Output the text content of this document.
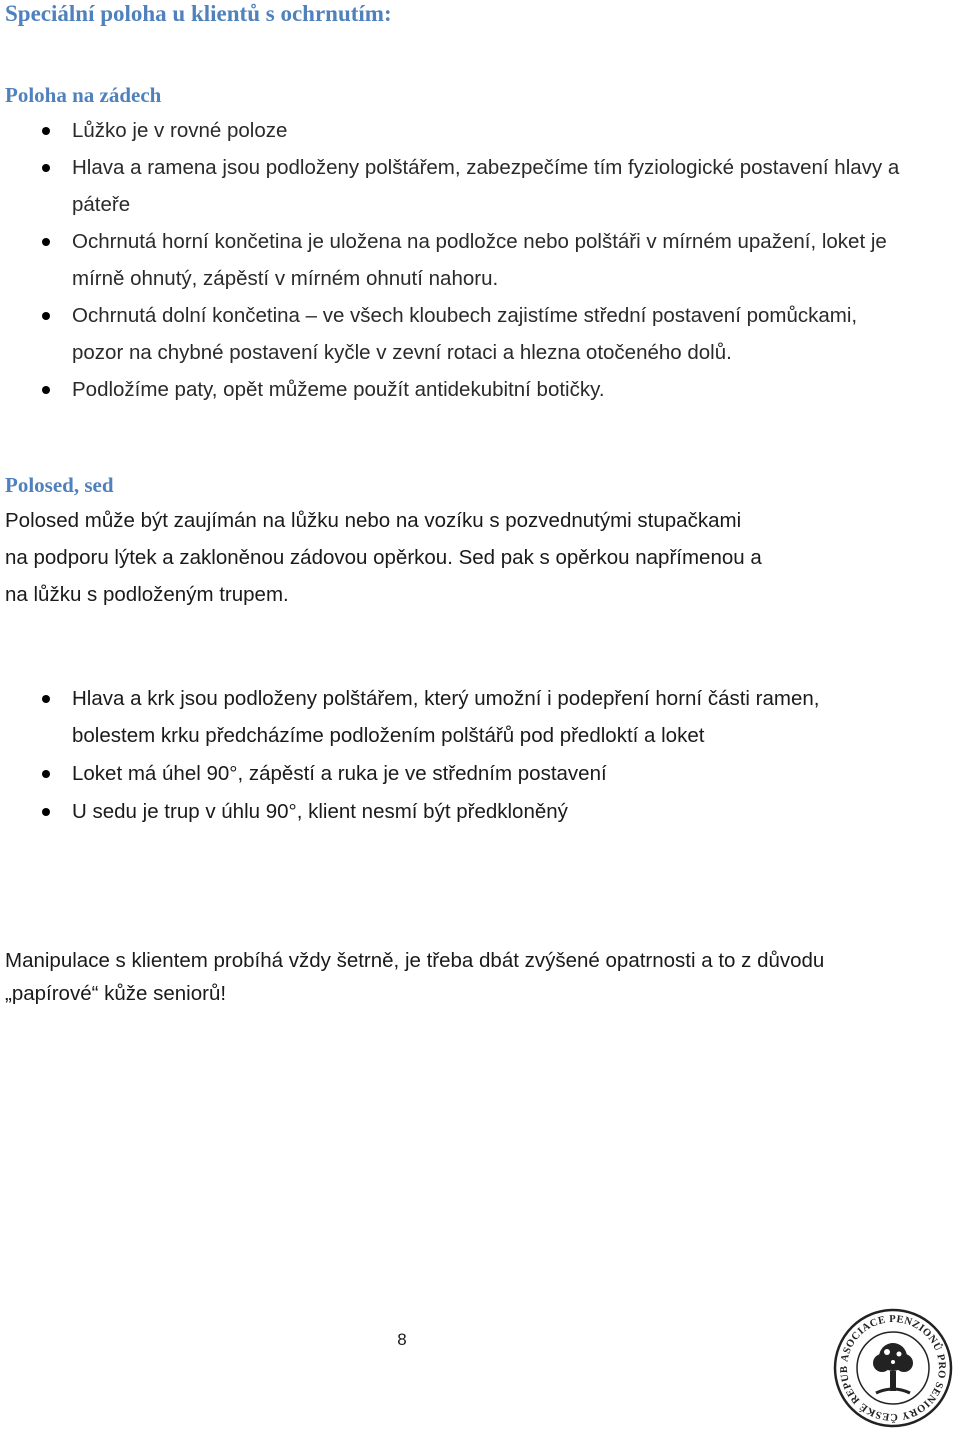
Speciální poloha u klientů s ochrnutím:
Poloha na zádech
Lůžko je v rovné poloze
Hlava a ramena jsou podloženy polštářem, zabezpečíme tím fyziologické postavení hlavy a páteře
Ochrnutá horní končetina je uložena na podložce nebo polštáři v mírném upažení, loket je mírně ohnutý, zápěstí v mírném ohnutí nahoru.
Ochrnutá dolní končetina – ve všech kloubech zajistíme střední postavení pomůckami, pozor na chybné postavení kyčle v zevní rotaci a hlezna otočeného dolů.
Podložíme paty, opět můžeme použít antidekubitní botičky.
Polosed, sed

Polosed může být zaujímán na lůžku nebo na vozíku s pozvednutými stupačkami na podporu lýtek a zakloněnou zádovou opěrkou. Sed pak s opěrkou napřímenou a na lůžku s podloženým trupem.

Hlava a krk jsou podloženy polštářem, který umožní i podepření horní části ramen, bolestem krku předcházíme podložením polštářů pod předloktí a loket
Loket má úhel 90°, zápěstí a ruka je ve středním postavení
U sedu je trup v úhlu 90°, klient nesmí být předkloněný

Manipulace s klientem probíhá vždy šetrně, je třeba dbát zvýšené opatrnosti a to z důvodu „papírové“ kůže seniorů!

8
ASOCIACE PENZIONŮ PRO SENIORY ČESKÉ REPUB
